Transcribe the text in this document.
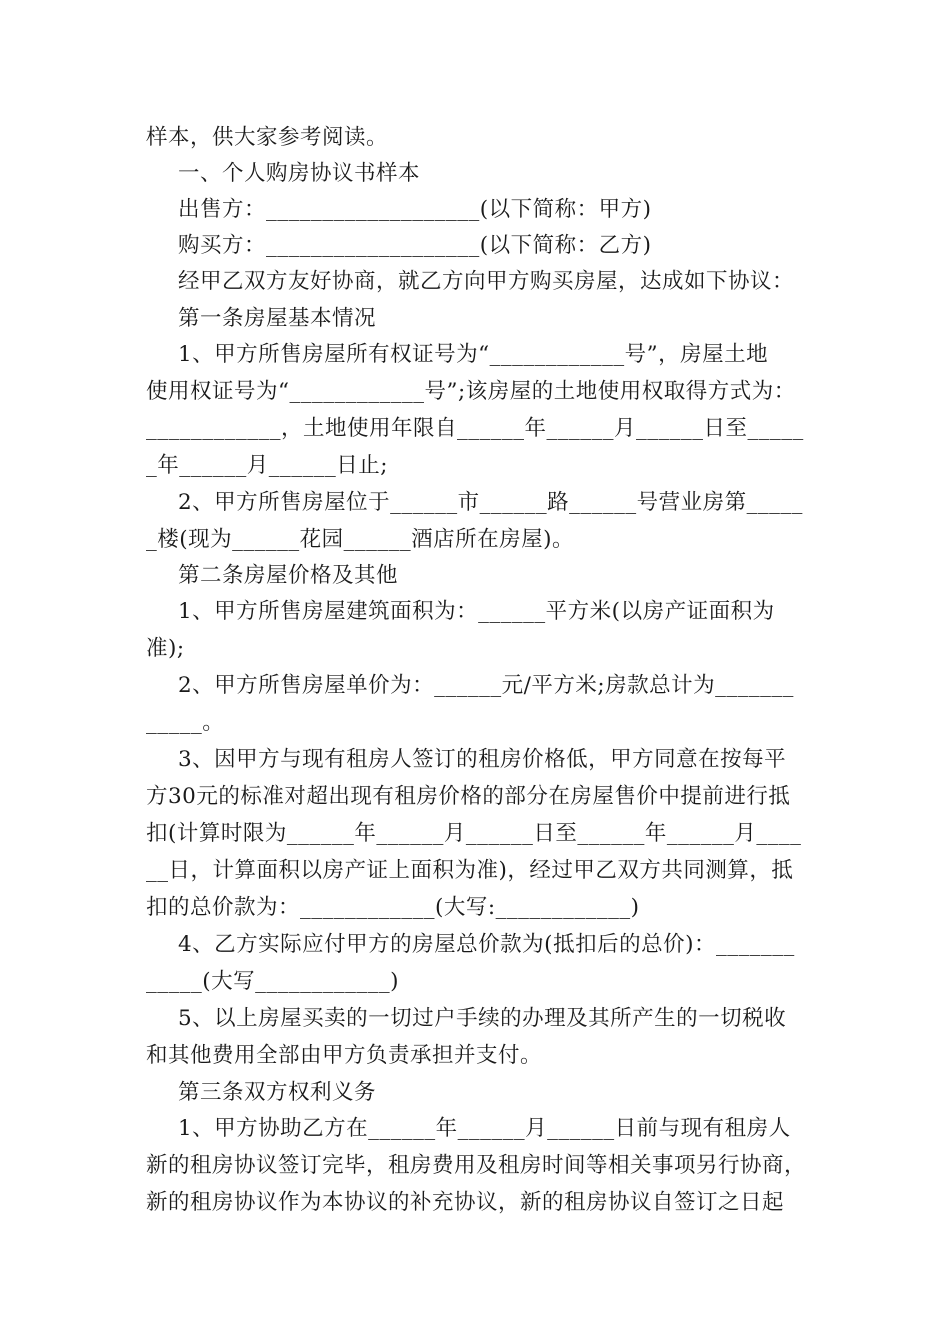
样本，供大家参考阅读。
一、个人购房协议书样本
出售方：___________________(以下简称：甲方)
购买方：___________________(以下简称：乙方)
经甲乙双方友好协商，就乙方向甲方购买房屋，达成如下协议：
第一条房屋基本情况
1、甲方所售房屋所有权证号为“____________号”，房屋土地
使用权证号为“____________号”;该房屋的土地使用权取得方式为：
____________，土地使用年限自______年______月______日至_____
_年______月______日止;
2、甲方所售房屋位于______市______路______号营业房第_____
_楼(现为______花园______酒店所在房屋)。
第二条房屋价格及其他
1、甲方所售房屋建筑面积为：______平方米(以房产证面积为
准);
2、甲方所售房屋单价为：______元/平方米;房款总计为_______
_____。
3、因甲方与现有租房人签订的租房价格低，甲方同意在按每平
方30元的标准对超出现有租房价格的部分在房屋售价中提前进行抵
扣(计算时限为______年______月______日至______年______月____
__日，计算面积以房产证上面积为准)，经过甲乙双方共同测算，抵
扣的总价款为：____________(大写:____________)
4、乙方实际应付甲方的房屋总价款为(抵扣后的总价)：_______
_____(大写____________)
5、以上房屋买卖的一切过户手续的办理及其所产生的一切税收
和其他费用全部由甲方负责承担并支付。
第三条双方权利义务
1、甲方协助乙方在______年______月______日前与现有租房人
新的租房协议签订完毕，租房费用及租房时间等相关事项另行协商，
新的租房协议作为本协议的补充协议，新的租房协议自签订之日起
